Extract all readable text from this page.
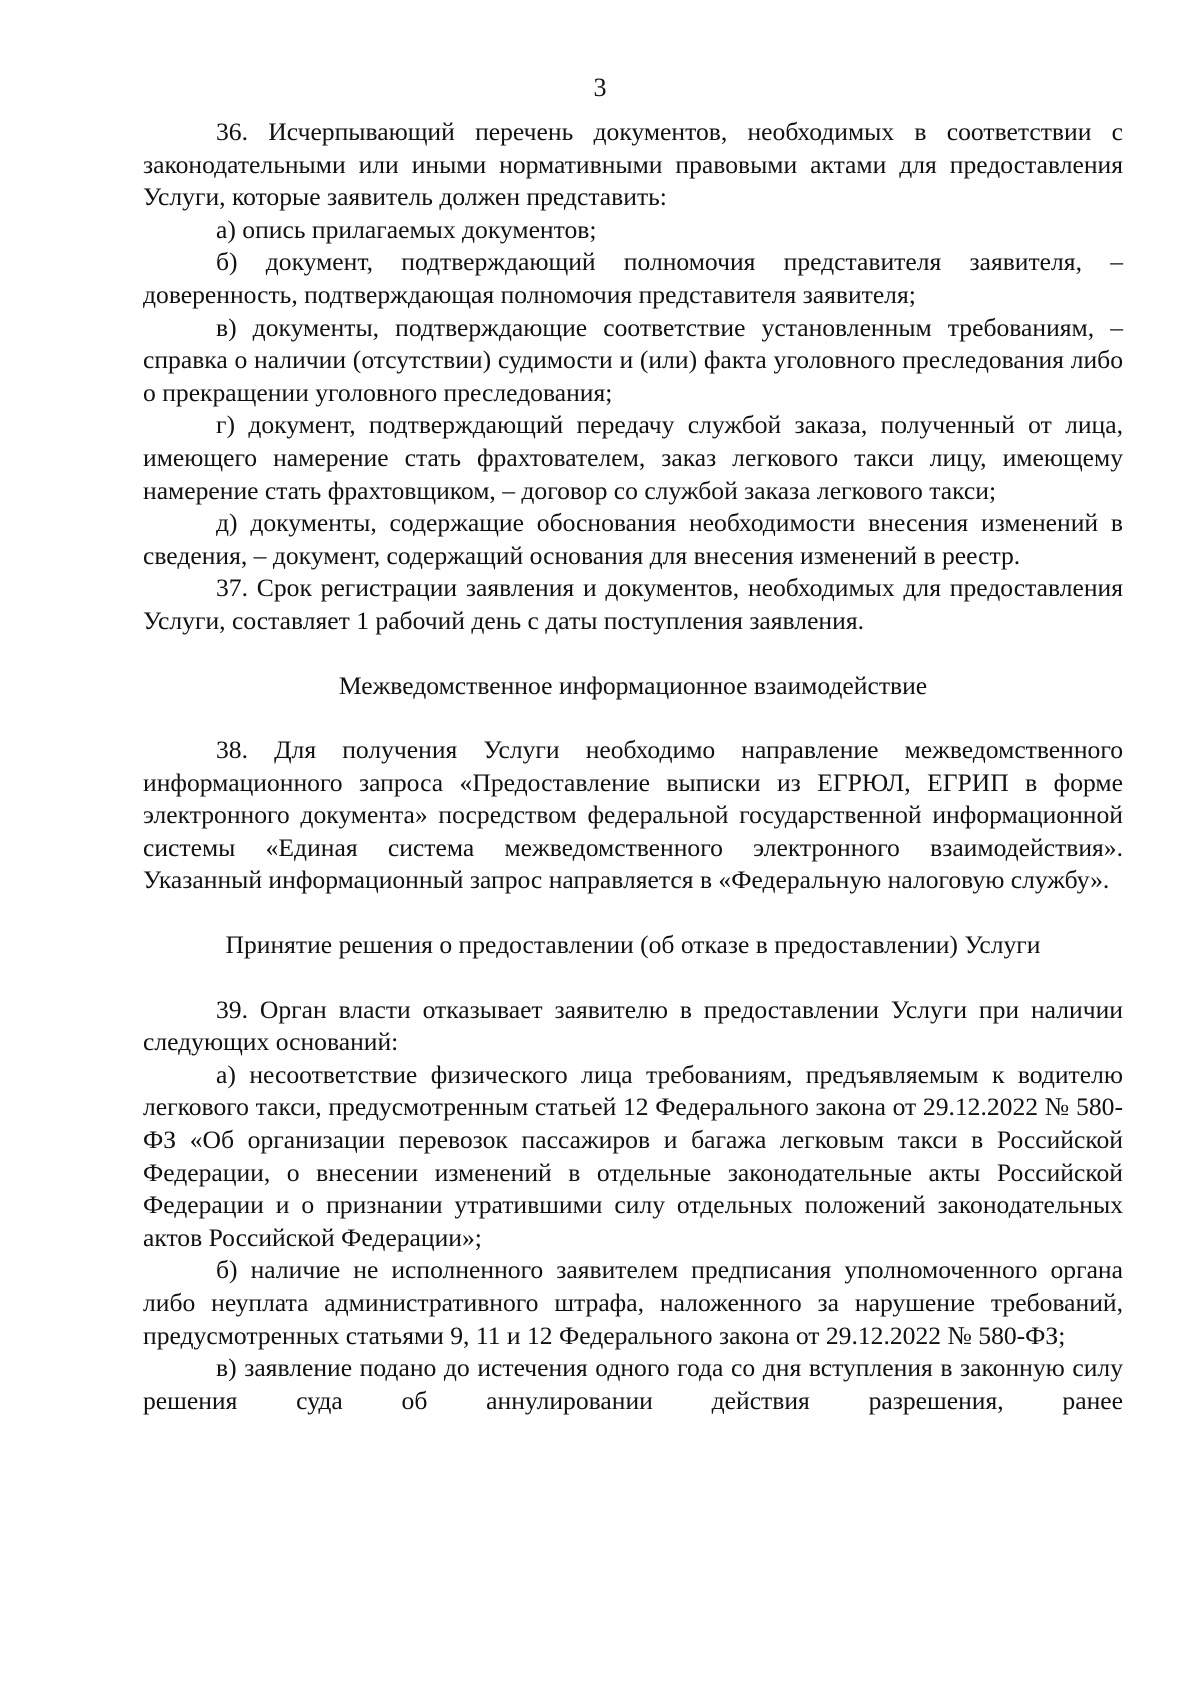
3

36. Исчерпывающий перечень документов, необходимых в соответствии с законодательными или иными нормативными правовыми актами для предоставления Услуги, которые заявитель должен представить:

а) опись прилагаемых документов;

б) документ, подтверждающий полномочия представителя заявителя, – доверенность, подтверждающая полномочия представителя заявителя;

в) документы, подтверждающие соответствие установленным требованиям, – справка о наличии (отсутствии) судимости и (или) факта уголовного преследования либо о прекращении уголовного преследования;

г) документ, подтверждающий передачу службой заказа, полученный от лица, имеющего намерение стать фрахтователем, заказ легкового такси лицу, имеющему намерение стать фрахтовщиком, – договор со службой заказа легкового такси;

д) документы, содержащие обоснования необходимости внесения изменений в сведения, – документ, содержащий основания для внесения изменений в реестр.

37. Срок регистрации заявления и документов, необходимых для предоставления Услуги, составляет 1 рабочий день с даты поступления заявления.

Межведомственное информационное взаимодействие

38. Для получения Услуги необходимо направление межведомственного информационного запроса «Предоставление выписки из ЕГРЮЛ, ЕГРИП в форме электронного документа» посредством федеральной государственной информационной системы «Единая система межведомственного электронного взаимодействия». Указанный информационный запрос направляется в «Федеральную налоговую службу».

Принятие решения о предоставлении (об отказе в предоставлении) Услуги

39. Орган власти отказывает заявителю в предоставлении Услуги при наличии следующих оснований:

а) несоответствие физического лица требованиям, предъявляемым к водителю легкового такси, предусмотренным статьей 12 Федерального закона от 29.12.2022 № 580-ФЗ «Об организации перевозок пассажиров и багажа легковым такси в Российской Федерации, о внесении изменений в отдельные законодательные акты Российской Федерации и о признании утратившими силу отдельных положений законодательных актов Российской Федерации»;

б) наличие не исполненного заявителем предписания уполномоченного органа либо неуплата административного штрафа, наложенного за нарушение требований, предусмотренных статьями 9, 11 и 12 Федерального закона от 29.12.2022 № 580-ФЗ;

в) заявление подано до истечения одного года со дня вступления в законную силу решения суда об аннулировании действия разрешения, ранее
